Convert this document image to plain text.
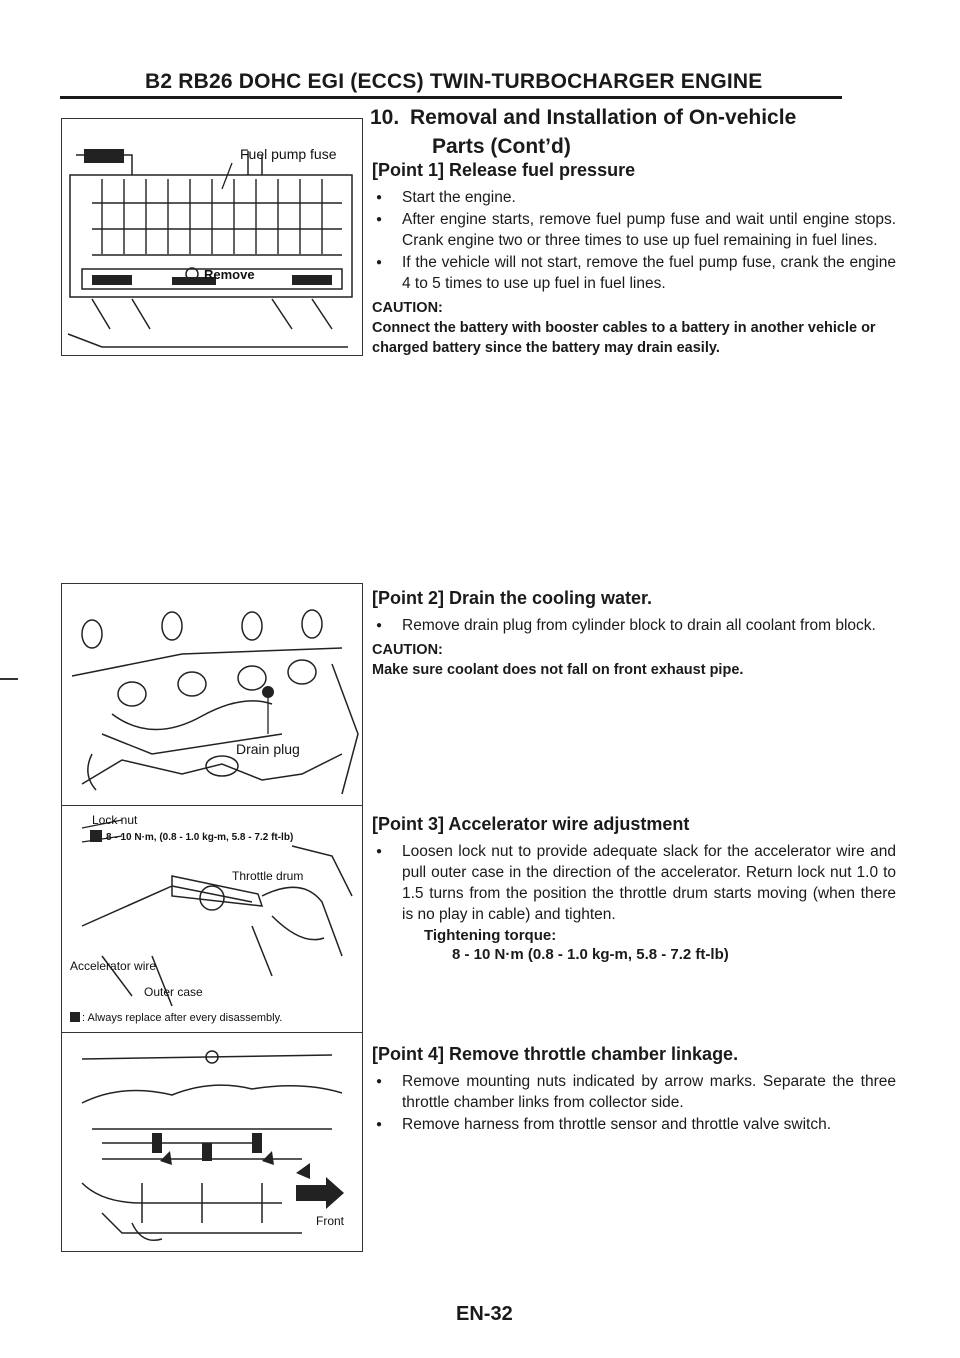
B2 RB26 DOHC EGI (ECCS) TWIN-TURBOCHARGER ENGINE
10. Removal and Installation of On-vehicle
Parts (Cont’d)
Fuel pump fuse
Remove
Drain plug
Lock nut
8 - 10 N·m, (0.8 - 1.0 kg-m, 5.8 - 7.2 ft-lb)
Throttle drum
Accelerator wire
Outer case
: Always replace after every disassembly.
Front

[Point 1] Release fuel pressure

● Start the engine.
● After engine starts, remove fuel pump fuse and wait until engine stops. Crank engine two or three times to use up fuel remaining in fuel lines.
● If the vehicle will not start, remove the fuel pump fuse, crank the engine 4 to 5 times to use up fuel in fuel lines.

CAUTION:

Connect the battery with booster cables to a battery in another vehicle or charged battery since the battery may drain easily.

[Point 2] Drain the cooling water.

● Remove drain plug from cylinder block to drain all coolant from block.

CAUTION:

Make sure coolant does not fall on front exhaust pipe.

[Point 3] Accelerator wire adjustment

● Loosen lock nut to provide adequate slack for the accelerator wire and pull outer case in the direction of the accelerator. Return lock nut 1.0 to 1.5 turns from the position the throttle drum starts moving (when there is no play in cable) and tighten.

Tightening torque:

8 - 10 N·m (0.8 - 1.0 kg-m, 5.8 - 7.2 ft-lb)

[Point 4] Remove throttle chamber linkage.

● Remove mounting nuts indicated by arrow marks. Separate the three throttle chamber links from collector side.
● Remove harness from throttle sensor and throttle valve switch.

EN-32
